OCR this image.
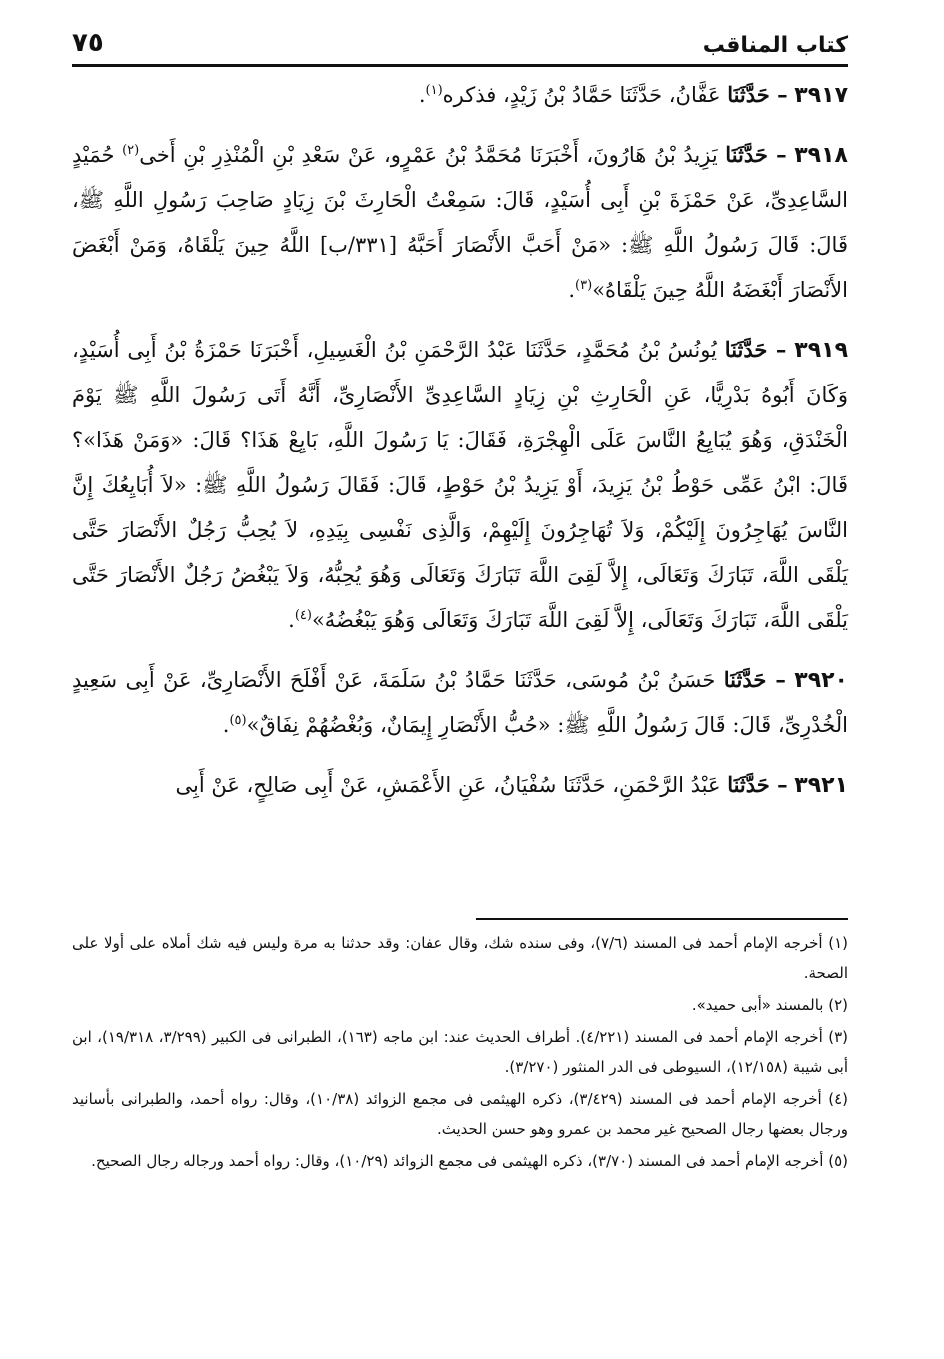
كتاب المناقب
٧٥

٣٩١٧ – حَدَّثَنَا عَفَّانُ، حَدَّثَنَا حَمَّادُ بْنُ زَيْدٍ، فذكره$^{(١)}$.

٣٩١٨ – حَدَّثَنَا يَزِيدُ بْنُ هَارُونَ، أَخْبَرَنَا مُحَمَّدُ بْنُ عَمْرٍو، عَنْ سَعْدِ بْنِ الْمُنْذِرِ بْنِ أَخى$^{(٢)}$ حُمَيْدٍ السَّاعِدِىِّ، عَنْ حَمْزَةَ بْنِ أَبِى أُسَيْدٍ، قَالَ: سَمِعْتُ الْحَارِثَ بْنَ زِيَادٍ صَاحِبَ رَسُولِ اللَّهِ ﷺ، قَالَ: قَالَ رَسُولُ اللَّهِ ﷺ: «مَنْ أَحَبَّ الأَنْصَارَ أَحَبَّهُ [٣٣١/ب] اللَّهُ حِينَ يَلْقَاهُ، وَمَنْ أَبْغَضَ الأَنْصَارَ أَبْغَضَهُ اللَّهُ حِينَ يَلْقَاهُ»$^{(٣)}$.

٣٩١٩ – حَدَّثَنَا يُونُسُ بْنُ مُحَمَّدٍ، حَدَّثَنَا عَبْدُ الرَّحْمَنِ بْنُ الْغَسِيلِ، أَخْبَرَنَا حَمْزَةُ بْنُ أَبِى أُسَيْدٍ، وَكَانَ أَبُوهُ بَدْرِيًّا، عَنِ الْحَارِثِ بْنِ زِيَادٍ السَّاعِدِىِّ الأَنْصَارِىِّ، أَنَّهُ أَتَى رَسُولَ اللَّهِ ﷺ يَوْمَ الْخَنْدَقِ، وَهُوَ يُبَايِعُ النَّاسَ عَلَى الْهِجْرَةِ، فَقَالَ: يَا رَسُولَ اللَّهِ، بَايِعْ هَذَا؟ قَالَ: «وَمَنْ هَذَا»؟ قَالَ: ابْنُ عَمِّى حَوْطُ بْنُ يَزِيدَ، أَوْ يَزِيدُ بْنُ حَوْطٍ، قَالَ: فَقَالَ رَسُولُ اللَّهِ ﷺ: «لاَ أُبَايِعُكَ إِنَّ النَّاسَ يُهَاجِرُونَ إِلَيْكُمْ، وَلاَ تُهَاجِرُونَ إِلَيْهِمْ، وَالَّذِى نَفْسِى بِيَدِهِ، لاَ يُحِبُّ رَجُلٌ الأَنْصَارَ حَتَّى يَلْقَى اللَّهَ، تَبَارَكَ وَتَعَالَى، إِلاَّ لَقِىَ اللَّهَ تَبَارَكَ وَتَعَالَى وَهُوَ يُحِبُّهُ، وَلاَ يَبْغُضُ رَجُلٌ الأَنْصَارَ حَتَّى يَلْقَى اللَّهَ، تَبَارَكَ وَتَعَالَى، إِلاَّ لَقِىَ اللَّهَ تَبَارَكَ وَتَعَالَى وَهُوَ يَبْغُضُهُ»$^{(٤)}$.

٣٩٢٠ – حَدَّثَنَا حَسَنُ بْنُ مُوسَى، حَدَّثَنَا حَمَّادُ بْنُ سَلَمَةَ، عَنْ أَفْلَحَ الأَنْصَارِىِّ، عَنْ أَبِى سَعِيدٍ الْخُدْرِىِّ، قَالَ: قَالَ رَسُولُ اللَّهِ ﷺ: «حُبُّ الأَنْصَارِ إِيمَانٌ، وَبُغْضُهُمْ نِفَاقٌ»$^{(٥)}$.

٣٩٢١ – حَدَّثَنَا عَبْدُ الرَّحْمَنِ، حَدَّثَنَا سُفْيَانُ، عَنِ الأَعْمَشِ، عَنْ أَبِى صَالِحٍ، عَنْ أَبِى

(١) أخرجه الإمام أحمد فى المسند (٧/٦)، وفى سنده شك، وقال عفان: وقد حدثنا به مرة وليس فيه شك أملاه على أولا على الصحة.

(٢) بالمسند «أبى حميد».

(٣) أخرجه الإمام أحمد فى المسند (٤/٢٢١). أطراف الحديث عند: ابن ماجه (١٦٣)، الطبرانى فى الكبير (٣/٢٩٩، ١٩/٣١٨)، ابن أبى شيبة (١٢/١٥٨)، السيوطى فى الدر المنثور (٣/٢٧٠).

(٤) أخرجه الإمام أحمد فى المسند (٣/٤٢٩)، ذكره الهيثمى فى مجمع الزوائد (١٠/٣٨)، وقال: رواه أحمد، والطبرانى بأسانيد ورجال بعضها رجال الصحيح غير محمد بن عمرو وهو حسن الحديث.

(٥) أخرجه الإمام أحمد فى المسند (٣/٧٠)، ذكره الهيثمى فى مجمع الزوائد (١٠/٢٩)، وقال: رواه أحمد ورجاله رجال الصحيح.
